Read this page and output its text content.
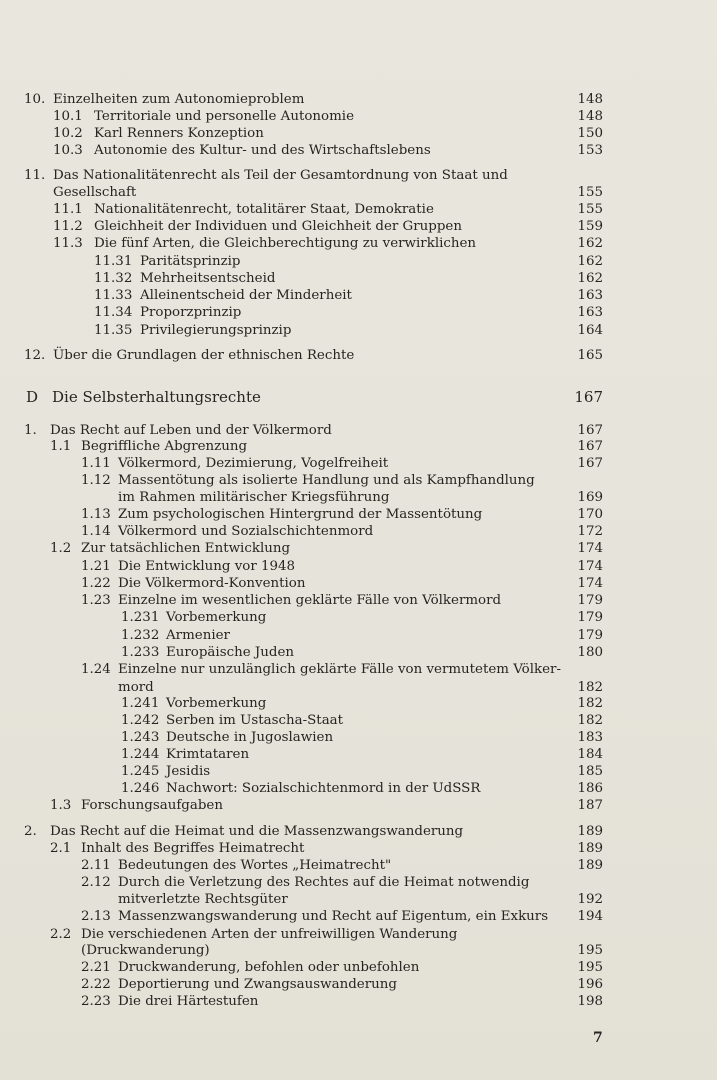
10. Einzelheiten zum Autonomieproblem	148
10.1 Territoriale und personelle Autonomie	148
10.2 Karl Renners Konzeption	150
10.3 Autonomie des Kultur- und des Wirtschaftslebens	153
11. Das Nationalitätenrecht als Teil der Gesamtordnung von Staat und
Gesellschaft	155
11.1 Nationalitätenrecht, totalitärer Staat, Demokratie	155
11.2 Gleichheit der Individuen und Gleichheit der Gruppen	159
11.3 Die fünf Arten, die Gleichberechtigung zu verwirklichen	162
11.31 Paritätsprinzip	162
11.32 Mehrheitsentscheid	162
11.33 Alleinentscheid der Minderheit	163
11.34 Proporzprinzip	163
11.35 Privilegierungsprinzip	164
12. Über die Grundlagen der ethnischen Rechte	165
D Die Selbsterhaltungsrechte	167
1. Das Recht auf Leben und der Völkermord	167
1.1 Begriffliche Abgrenzung	167
1.11 Völkermord, Dezimierung, Vogelfreiheit	167
1.12 Massentötung als isolierte Handlung und als Kampfhandlung
im Rahmen militärischer Kriegsführung	169
1.13 Zum psychologischen Hintergrund der Massentötung	170
1.14 Völkermord und Sozialschichtenmord	172
1.2 Zur tatsächlichen Entwicklung	174
1.21 Die Entwicklung vor 1948	174
1.22 Die Völkermord-Konvention	174
1.23 Einzelne im wesentlichen geklärte Fälle von Völkermord	179
1.231 Vorbemerkung	179
1.232 Armenier	179
1.233 Europäische Juden	180
1.24 Einzelne nur unzulänglich geklärte Fälle von vermutetem Völker-
mord	182
1.241 Vorbemerkung	182
1.242 Serben im Ustascha-Staat	182
1.243 Deutsche in Jugoslawien	183
1.244 Krimtataren	184
1.245 Jesidis	185
1.246 Nachwort: Sozialschichtenmord in der UdSSR	186
1.3 Forschungsaufgaben	187
2. Das Recht auf die Heimat und die Massenzwangswanderung	189
2.1 Inhalt des Begriffes Heimatrecht	189
2.11 Bedeutungen des Wortes „Heimatrecht"	189
2.12 Durch die Verletzung des Rechtes auf die Heimat notwendig
mitverletzte Rechtsgüter	192
2.13 Massenzwangswanderung und Recht auf Eigentum, ein Exkurs	194
2.2 Die verschiedenen Arten der unfreiwilligen Wanderung
(Druckwanderung)	195
2.21 Druckwanderung, befohlen oder unbefohlen	195
2.22 Deportierung und Zwangsauswanderung	196
2.23 Die drei Härtestufen	198
7
